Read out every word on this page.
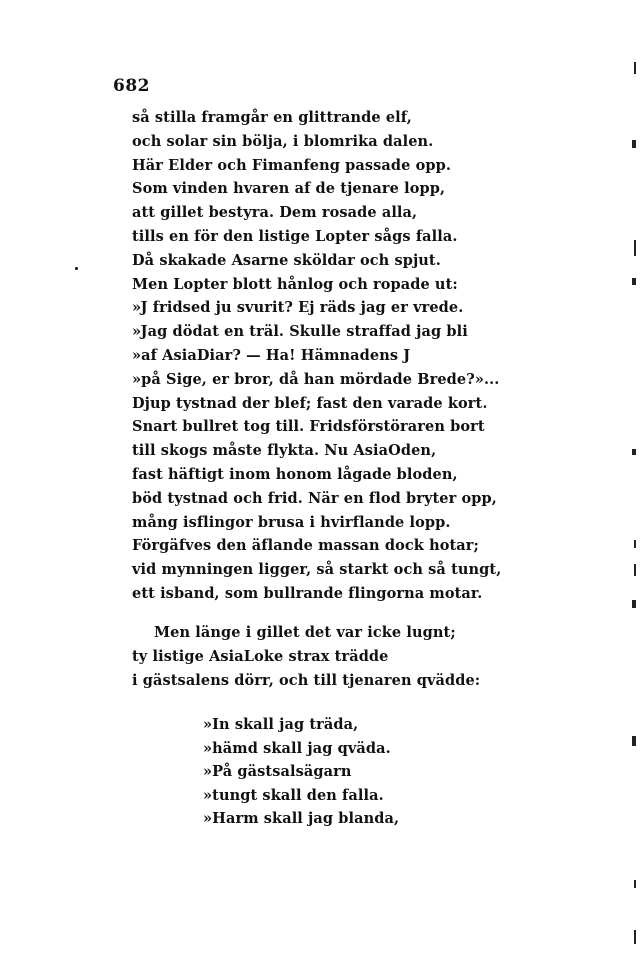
682
så stilla framgår en glittrande elf,
och solar sin bölja, i blomrika dalen.
Här Elder och Fimanfeng passade opp.
Som vinden hvaren af de tjenare lopp,
att gillet bestyra. Dem rosade alla,
tills en för den listige Lopter sågs falla.
Då skakade Asarne sköldar och spjut.
Men Lopter blott hånlog och ropade ut:
»J fridsed ju svurit? Ej räds jag er vrede.
»Jag dödat en träl. Skulle straffad jag bli
»af AsiaDiar? — Ha! Hämnadens J
»på Sige, er bror, då han mördade Brede?»...
Djup tystnad der blef; fast den varade kort.
Snart bullret tog till. Fridsförstöraren bort
till skogs måste flykta. Nu AsiaOden,
fast häftigt inom honom lågade bloden,
böd tystnad och frid. När en flod bryter opp,
mång isflingor brusa i hvirflande lopp.
Förgäfves den äflande massan dock hotar;
vid mynningen ligger, så starkt och så tungt,
ett isband, som bullrande flingorna motar.
Men länge i gillet det var icke lugnt;
ty listige AsiaLoke strax trädde
i gästsalens dörr, och till tjenaren qvädde:
»In skall jag träda,
»hämd skall jag qväda.
»På gästsalsägarn
»tungt skall den falla.
»Harm skall jag blanda,
